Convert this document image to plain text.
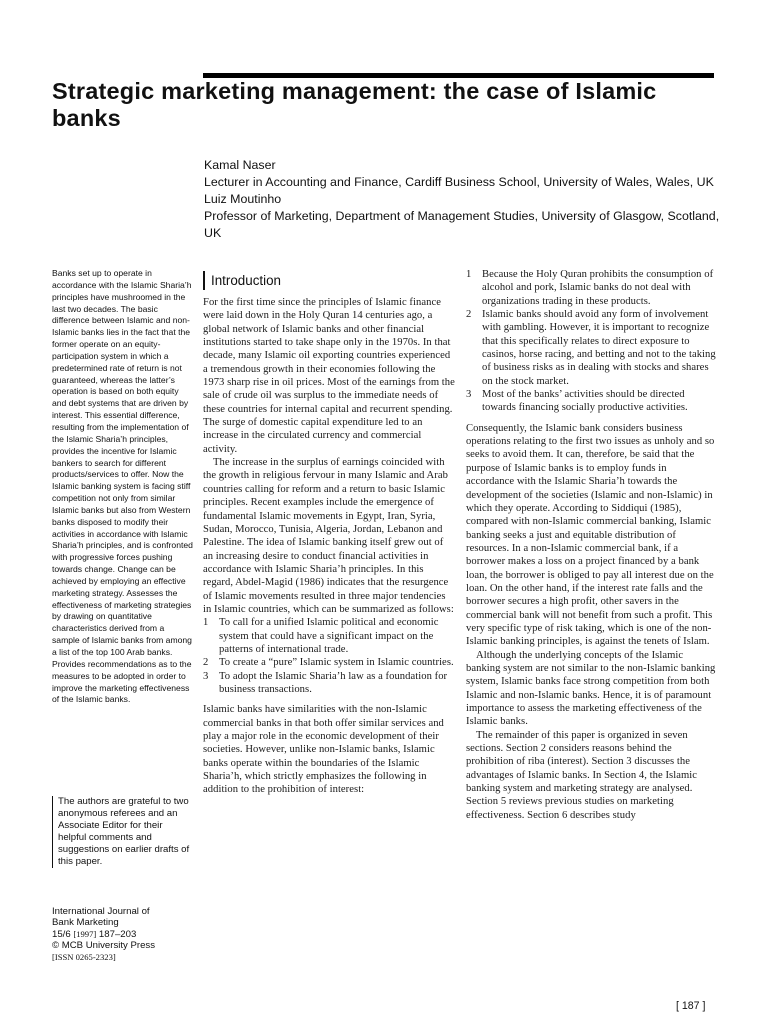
Strategic marketing management: the case of Islamic banks
Kamal Naser
Lecturer in Accounting and Finance, Cardiff Business School, University of Wales, Wales, UK
Luiz Moutinho
Professor of Marketing, Department of Management Studies, University of Glasgow, Scotland, UK

Banks set up to operate in accordance with the Islamic Sharia’h principles have mushroomed in the last two decades. The basic difference between Islamic and non-Islamic banks lies in the fact that the former operate on an equity-participation system in which a predetermined rate of return is not guaranteed, whereas the latter’s operation is based on both equity and debt systems that are driven by interest. This essential difference, resulting from the implementation of the Islamic Sharia’h principles, provides the incentive for Islamic bankers to search for different products/services to offer. Now the Islamic banking system is facing stiff competition not only from similar Islamic banks but also from Western banks disposed to modify their activities in accordance with Islamic Sharia’h principles, and is confronted with progressive forces pushing towards change. Change can be achieved by employing an effective marketing strategy. Assesses the effectiveness of marketing strategies by drawing on quantitative characteristics derived from a sample of Islamic banks from among a list of the top 100 Arab banks. Provides recommendations as to the measures to be adopted in order to improve the marketing effectiveness of the Islamic banks.

The authors are grateful to two anonymous referees and an Associate Editor for their helpful comments and suggestions on earlier drafts of this paper.

International Journal of
Bank Marketing
15/6 [1997] 187–203
© MCB University Press
[ISSN 0265-2323]
Introduction

For the first time since the principles of Islamic finance were laid down in the Holy Quran 14 centuries ago, a global network of Islamic banks and other financial institutions started to take shape only in the 1970s. In that decade, many Islamic oil exporting countries experienced a tremendous growth in their economies following the 1973 sharp rise in oil prices. Most of the earnings from the sale of crude oil was surplus to the immediate needs of these countries for internal capital and recurrent spending. The surge of domestic capital expenditure led to an increase in the circulated currency and commercial activity.

The increase in the surplus of earnings coincided with the growth in religious fervour in many Islamic and Arab countries calling for reform and a return to basic Islamic principles. Recent examples include the emergence of fundamental Islamic movements in Egypt, Iran, Syria, Sudan, Morocco, Tunisia, Algeria, Jordan, Lebanon and Palestine. The idea of Islamic banking itself grew out of an increasing desire to conduct financial activities in accordance with Islamic Sharia’h principles. In this regard, Abdel-Magid (1986) indicates that the resurgence of Islamic movements resulted in three major tendencies in Islamic countries, which can be summarized as follows:

1	To call for a unified Islamic political and economic system that could have a significant impact on the patterns of international trade.
2	To create a “pure” Islamic system in Islamic countries.
3	To adopt the Islamic Sharia’h law as a foundation for business transactions.

Islamic banks have similarities with the non-Islamic commercial banks in that both offer similar services and play a major role in the economic development of their societies. However, unlike non-Islamic banks, Islamic banks operate within the boundaries of the Islamic Sharia’h, which strictly emphasizes the following in addition to the prohibition of interest:

1	Because the Holy Quran prohibits the consumption of alcohol and pork, Islamic banks do not deal with organizations trading in these products.
2	Islamic banks should avoid any form of involvement with gambling. However, it is important to recognize that this specifically relates to direct exposure to casinos, horse racing, and betting and not to the taking of business risks as in dealing with stocks and shares on the stock market.
3	Most of the banks’ activities should be directed towards financing socially productive activities.

Consequently, the Islamic bank considers business operations relating to the first two issues as unholy and so seeks to avoid them. It can, therefore, be said that the purpose of Islamic banks is to employ funds in accordance with the Islamic Sharia’h towards the development of the societies (Islamic and non-Islamic) in which they operate. According to Siddiqui (1985), compared with non-Islamic commercial banking, Islamic banking seeks a just and equitable distribution of resources. In a non-Islamic commercial bank, if a borrower makes a loss on a project financed by a bank loan, the borrower is obliged to pay all interest due on the loan. On the other hand, if the interest rate falls and the borrower secures a high profit, other savers in the commercial bank will not benefit from such a profit. This very specific type of risk taking, which is one of the non-Islamic banking principles, is against the tenets of Islam.

Although the underlying concepts of the Islamic banking system are not similar to the non-Islamic banking system, Islamic banks face strong competition from both Islamic and non-Islamic banks. Hence, it is of paramount importance to assess the marketing effectiveness of the Islamic banks.

The remainder of this paper is organized in seven sections. Section 2 considers reasons behind the prohibition of riba (interest). Section 3 discusses the advantages of Islamic banks. In Section 4, the Islamic banking system and marketing strategy are analysed. Section 5 reviews previous studies on marketing effectiveness. Section 6 describes study

[ 187 ]
